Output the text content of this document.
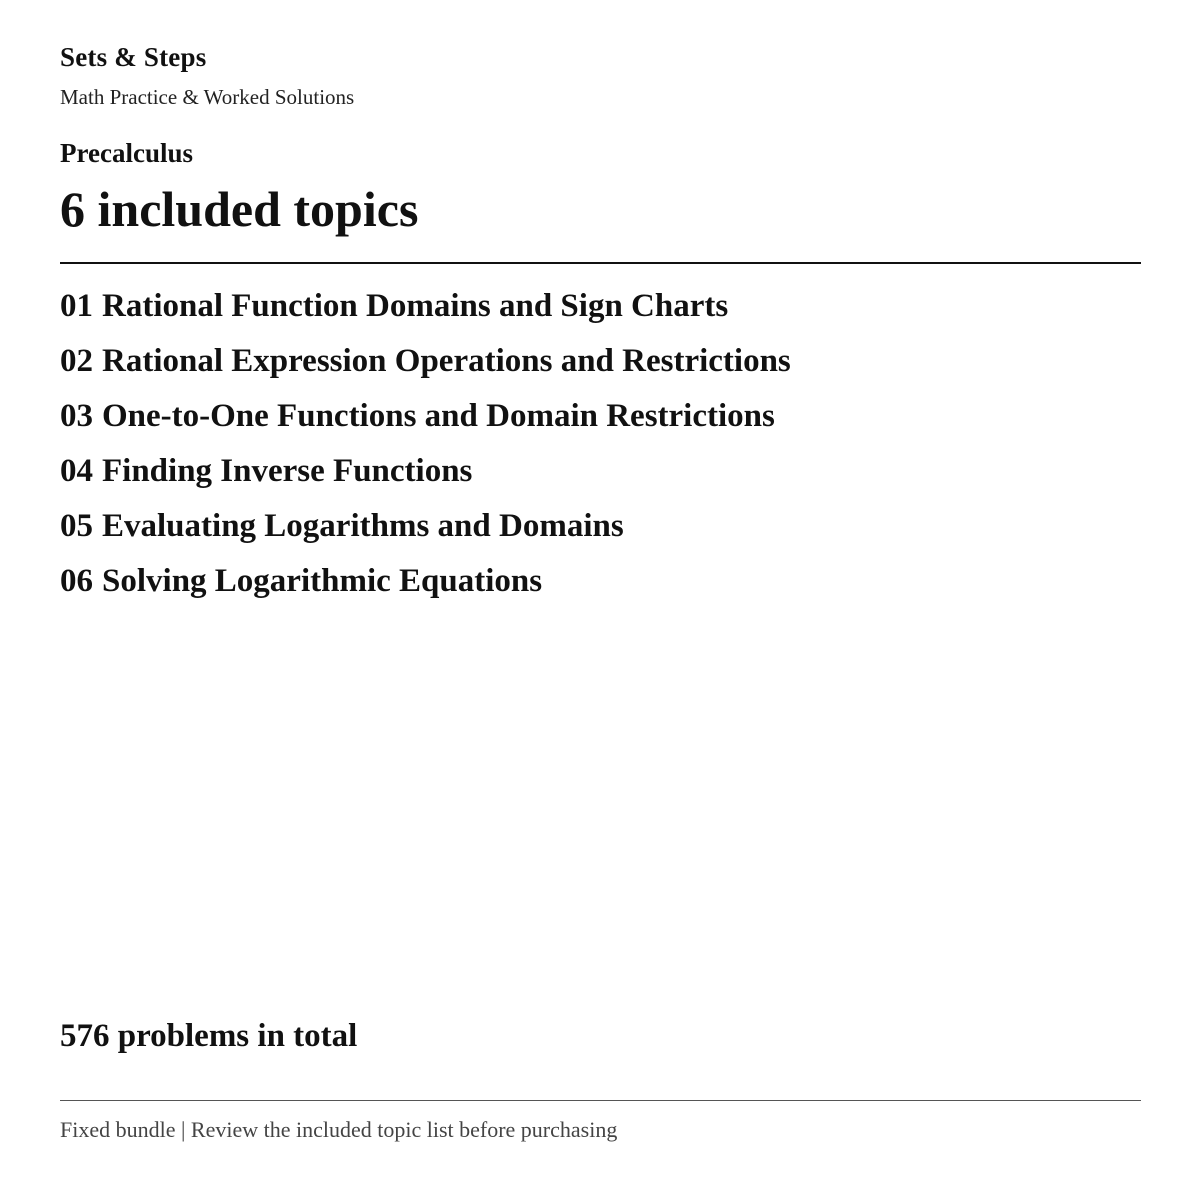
Sets & Steps
Math Practice & Worked Solutions
Precalculus
6 included topics
01 Rational Function Domains and Sign Charts
02 Rational Expression Operations and Restrictions
03 One-to-One Functions and Domain Restrictions
04 Finding Inverse Functions
05 Evaluating Logarithms and Domains
06 Solving Logarithmic Equations
576 problems in total
Fixed bundle | Review the included topic list before purchasing
